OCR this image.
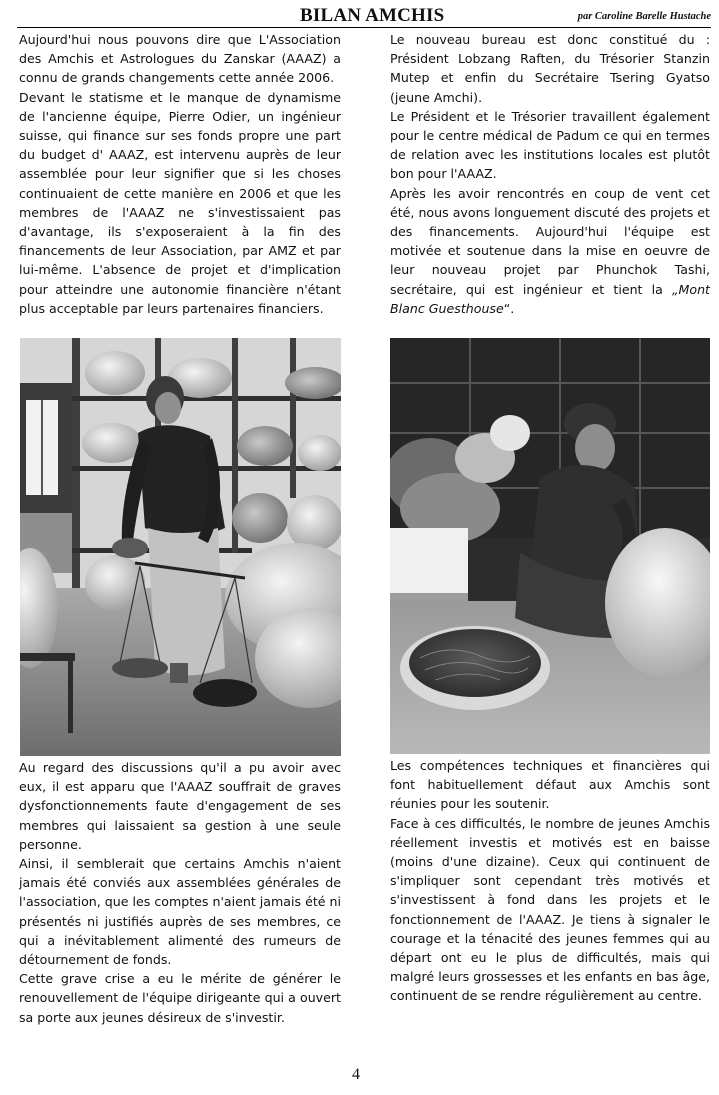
BILAN AMCHIS	par Caroline Barelle Hustache

Aujourd'hui nous pouvons dire que L'Association des Amchis et Astrologues du Zanskar (AAAZ) a connu de grands changements cette année 2006.

Devant le statisme et le manque de dynamisme de l'ancienne équipe, Pierre Odier, un ingénieur suisse, qui finance sur ses fonds propre une part du budget d' AAAZ, est intervenu auprès de leur assemblée pour leur signifier que si les choses continuaient de cette manière en 2006 et que les membres de l'AAAZ ne s'investissaient pas d'avantage, ils s'exposeraient à la fin des financements de leur Association, par AMZ et par lui-même. L'absence de projet et d'implication pour atteindre une autonomie financière n'étant plus acceptable par leurs partenaires financiers.

Le nouveau bureau est donc constitué du : Président Lobzang Raften, du Trésorier Stanzin Mutep et enfin du Secrétaire Tsering Gyatso (jeune Amchi).

Le Président et le Trésorier travaillent également pour le centre médical de Padum ce qui en termes de relation avec les institutions locales est plutôt bon pour l'AAAZ.

Après les avoir rencontrés en coup de vent cet été, nous avons longuement discuté des projets et des financements. Aujourd'hui l'équipe est motivée et soutenue dans la mise en oeuvre de leur nouveau projet par Phunchok Tashi, secrétaire, qui est ingénieur et tient la „Mont Blanc Guesthouse“.

Au regard des discussions qu'il a pu avoir avec eux, il est apparu que l'AAAZ souffrait de graves dysfonctionnements faute d'engagement de ses membres qui laissaient sa gestion à une seule personne.

Ainsi, il semblerait que certains Amchis n'aient jamais été conviés aux assemblées générales de l'association, que les comptes n'aient jamais été ni présentés ni justifiés auprès de ses membres, ce qui a inévitablement alimenté des rumeurs de détournement de fonds.

Cette grave crise a eu le mérite de générer le renouvellement de l'équipe dirigeante qui a ouvert sa porte aux jeunes désireux de s'investir.

Les compétences techniques et financières qui font habituellement défaut aux Amchis sont réunies pour les soutenir.

Face à ces difficultés, le nombre de jeunes Amchis réellement investis et motivés est en baisse (moins d'une dizaine). Ceux qui continuent de s'impliquer sont cependant très motivés et s'investissent à fond dans les projets et le fonctionnement de l'AAAZ. Je tiens à signaler le courage et la ténacité des jeunes femmes qui au départ ont eu le plus de difficultés, mais qui malgré leurs grossesses et les enfants en bas âge, continuent de se rendre régulièrement au centre.

4
